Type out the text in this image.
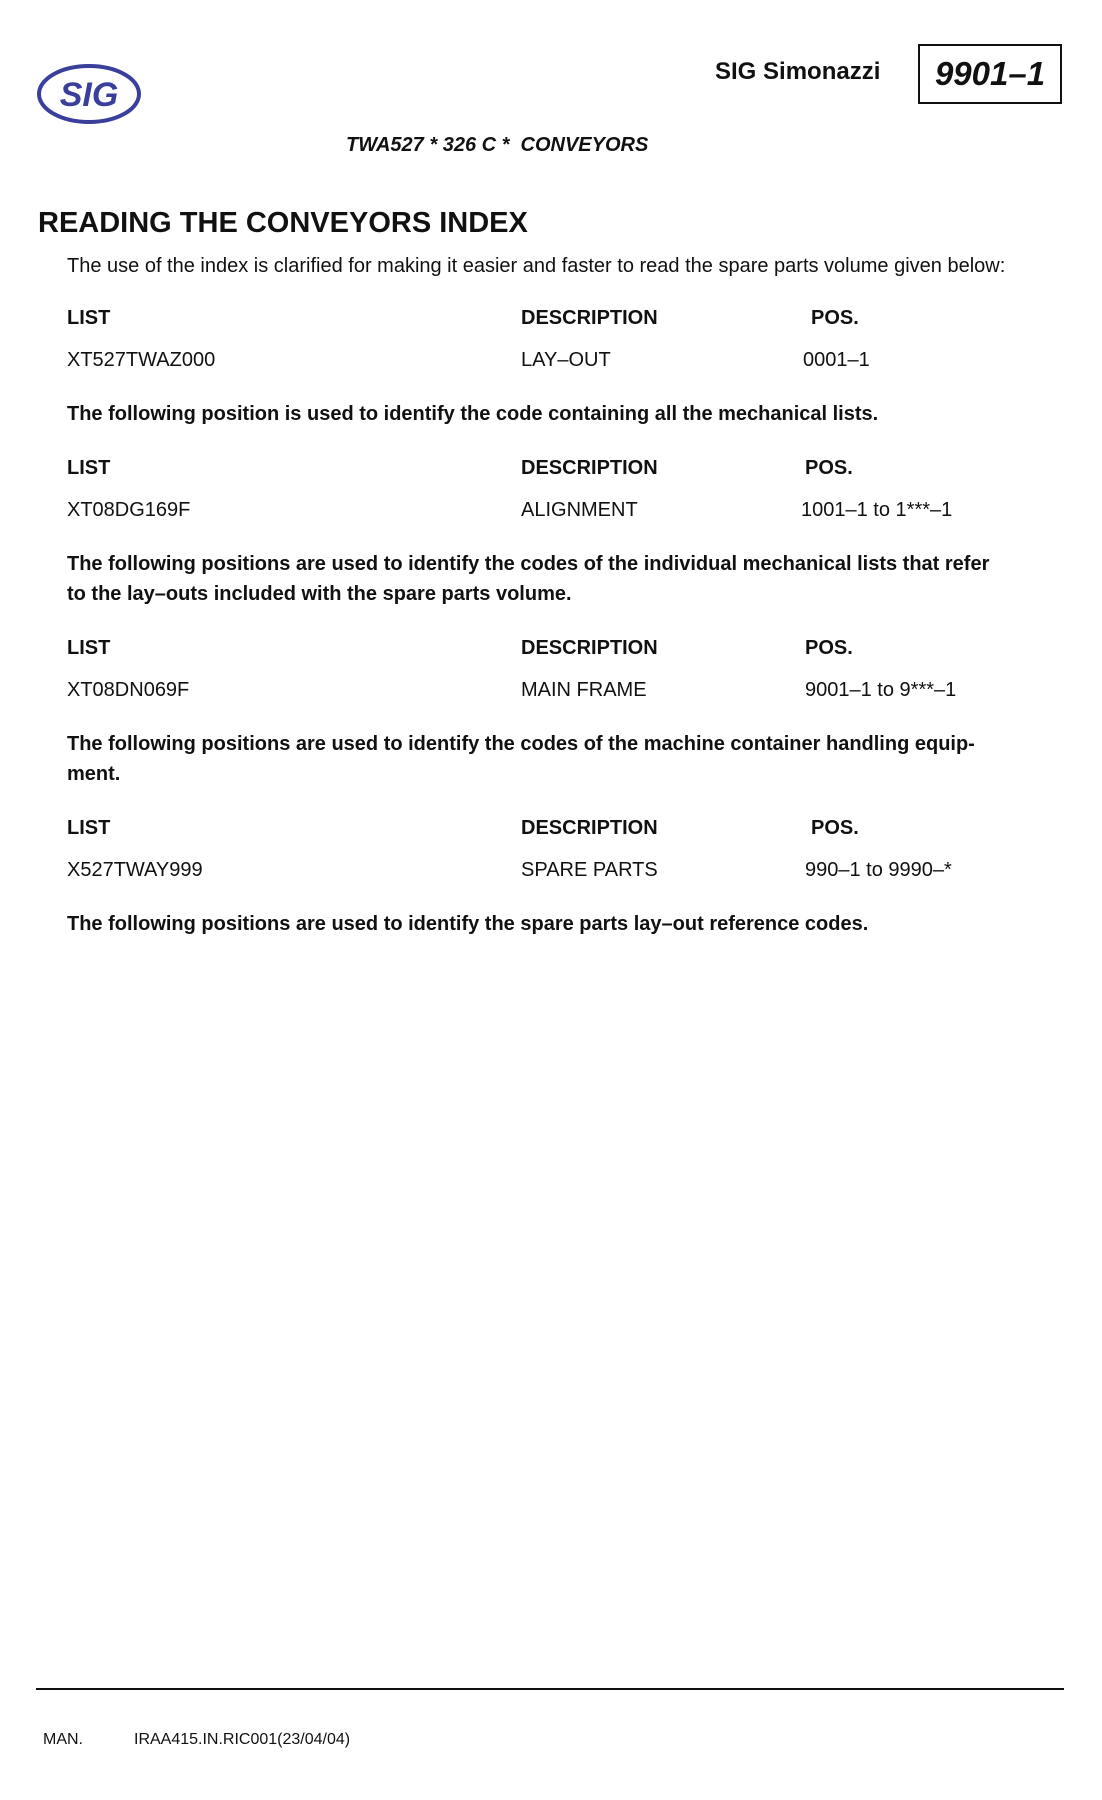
SIG
SIG Simonazzi 9901–1
TWA527 * 326 C *  CONVEYORS
READING THE CONVEYORS INDEX
The use of the index is clarified for making it easier and faster to read the spare parts volume given below:
LIST	DESCRIPTION	POS.
XT527TWAZ000	LAY–OUT	0001–1
The following position is used to identify the code containing all the mechanical lists.
LIST	DESCRIPTION	POS.
XT08DG169F	ALIGNMENT	1001–1 to 1***–1
The following positions are used to identify the codes of the individual mechanical lists that refer
to the lay–outs included with the spare parts volume.
LIST	DESCRIPTION	POS.
XT08DN069F	MAIN FRAME	9001–1 to 9***–1
The following positions are used to identify the codes of the machine container handling equip-
ment.
LIST	DESCRIPTION	POS.
X527TWAY999	SPARE PARTS	990–1 to 9990–*
The following positions are used to identify the spare parts lay–out reference codes.
MAN.	IRAA415.IN.RIC001(23/04/04)
